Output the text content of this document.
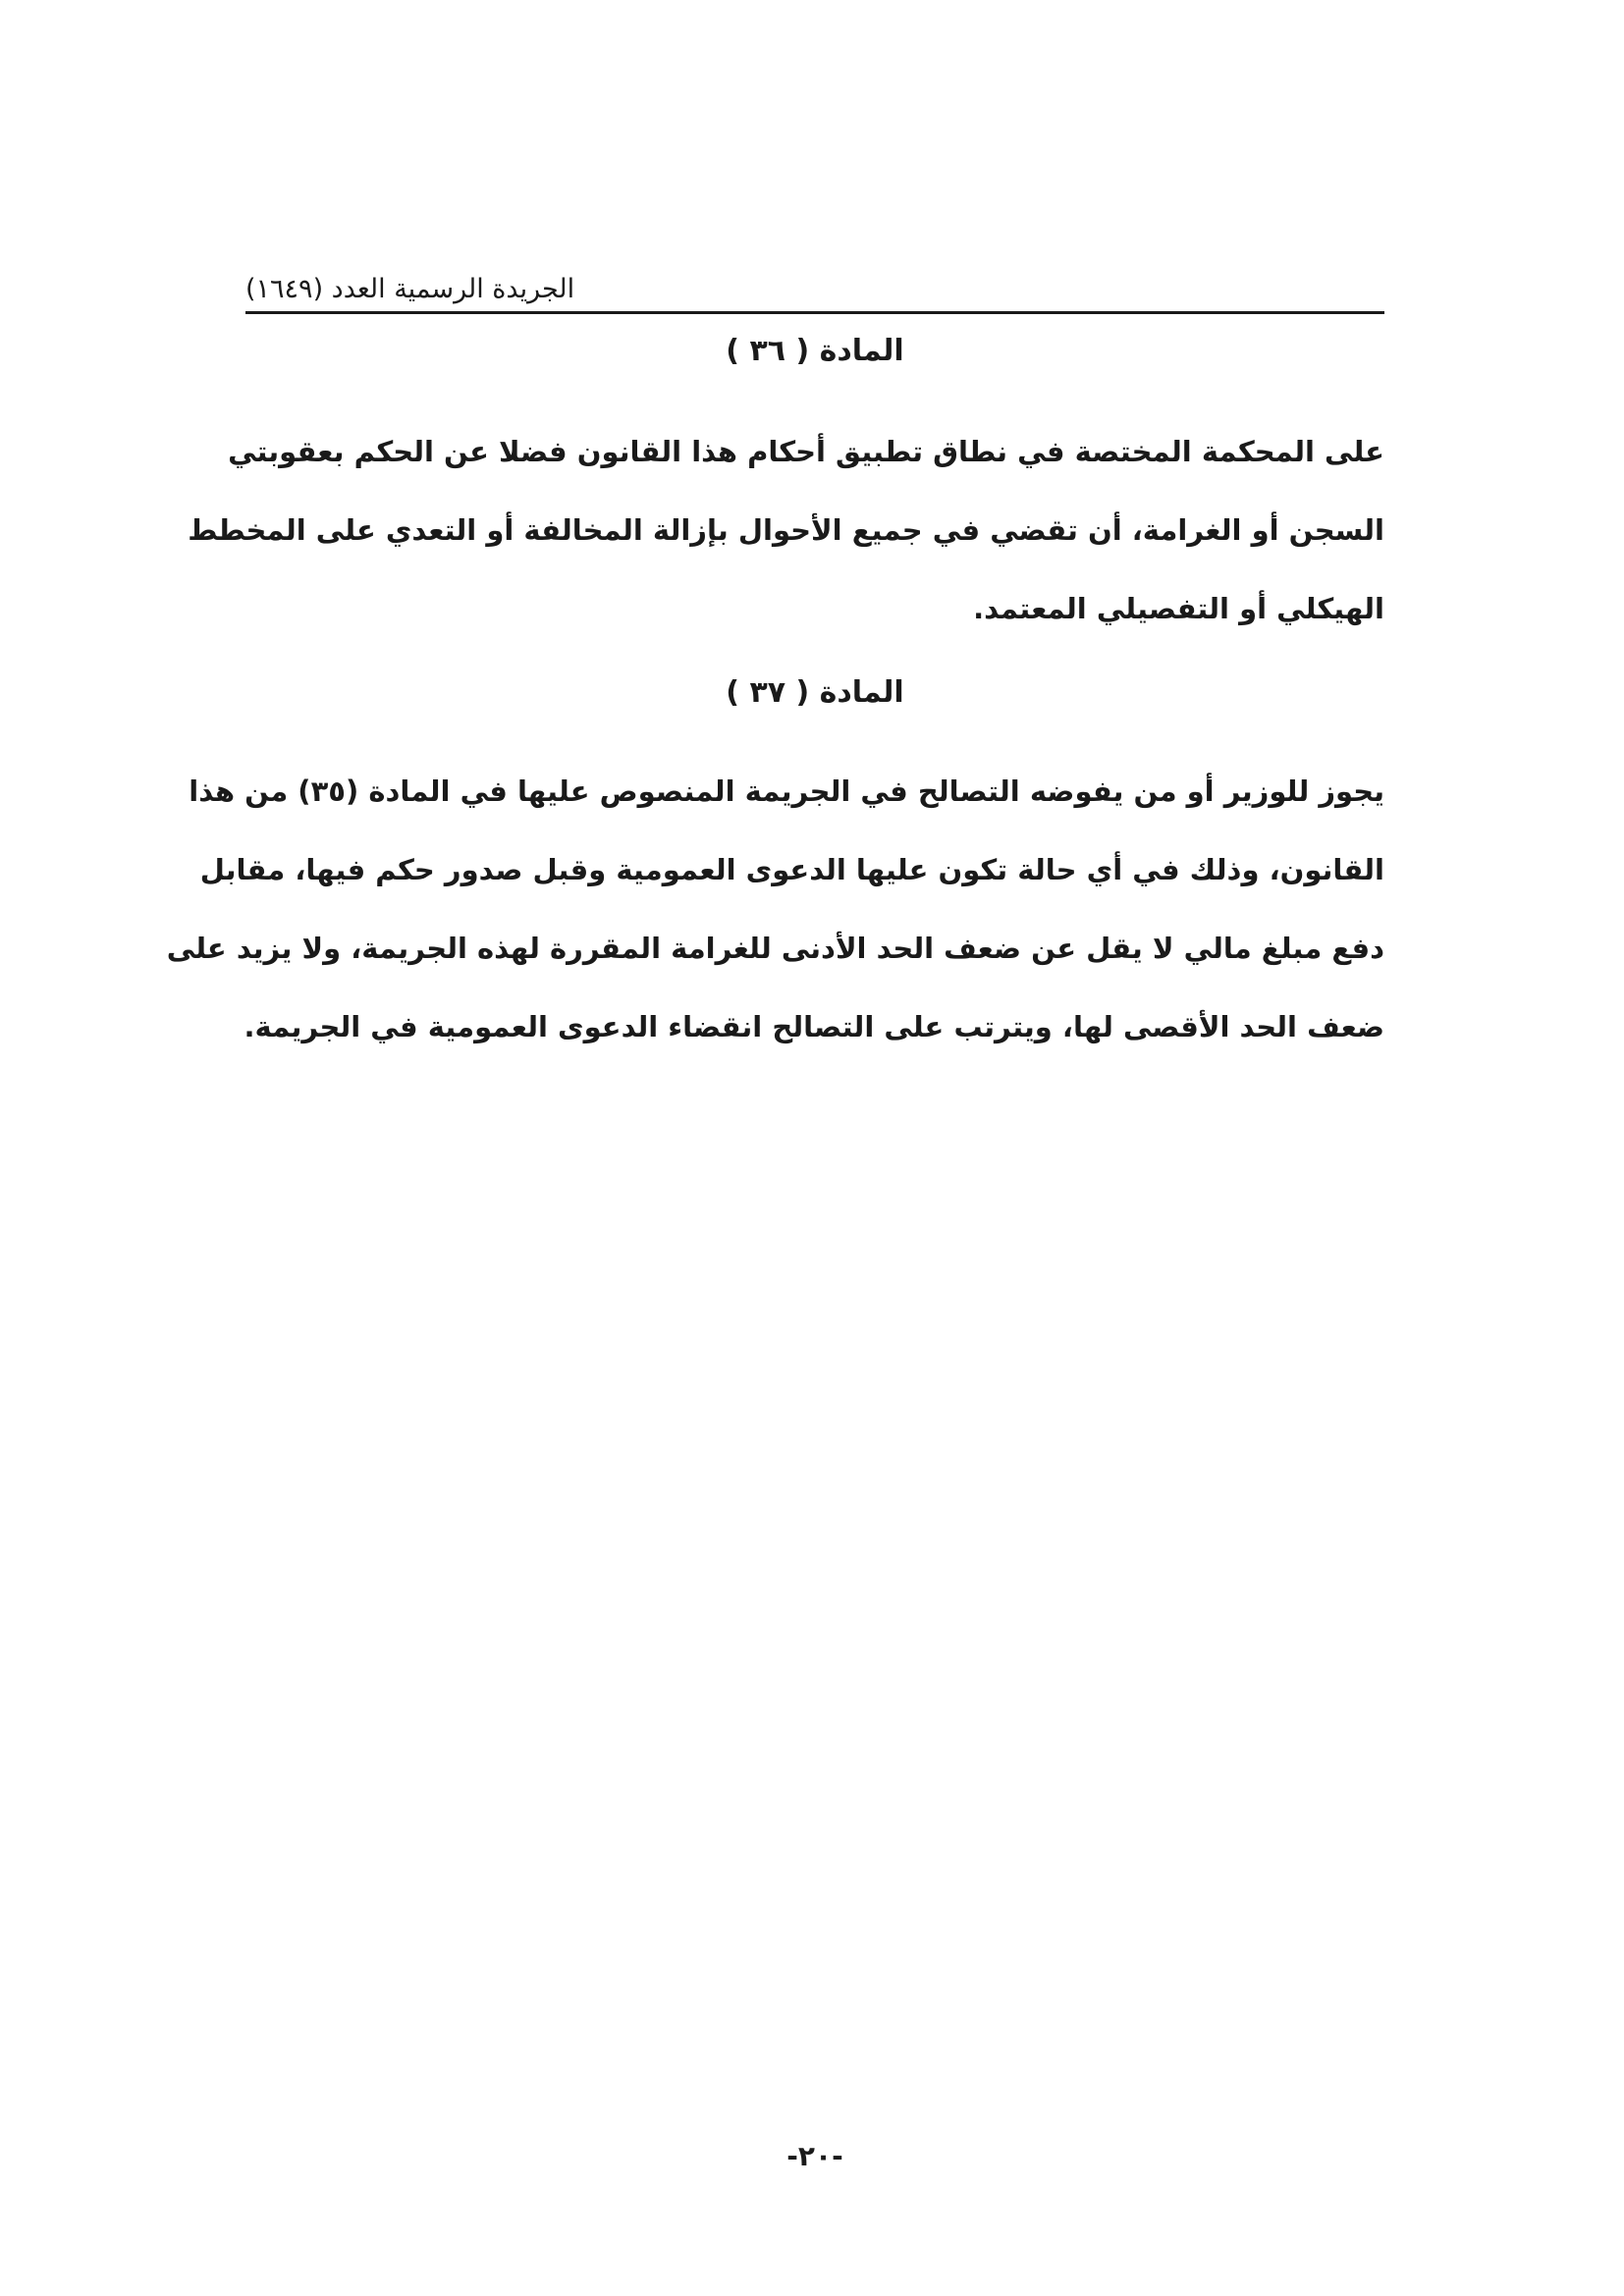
الجريدة الرسمية العدد (١٦٤٩)
المادة ( ٣٦ )
على المحكمة المختصة في نطاق تطبيق أحكام هذا القانون فضلا عن الحكم بعقوبتي
السجن أو الغرامة، أن تقضي في جميع الأحوال بإزالة المخالفة أو التعدي على المخطط
الهيكلي أو التفصيلي المعتمد.
المادة ( ٣٧ )
يجوز للوزير أو من يفوضه التصالح في الجريمة المنصوص عليها في المادة (٣٥) من هذا
القانون، وذلك في أي حالة تكون عليها الدعوى العمومية وقبل صدور حكم فيها، مقابل
دفع مبلغ مالي لا يقل عن ضعف الحد الأدنى للغرامة المقررة لهذه الجريمة، ولا يزيد على
ضعف الحد الأقصى لها، ويترتب على التصالح انقضاء الدعوى العمومية في الجريمة.
-٢٠-
